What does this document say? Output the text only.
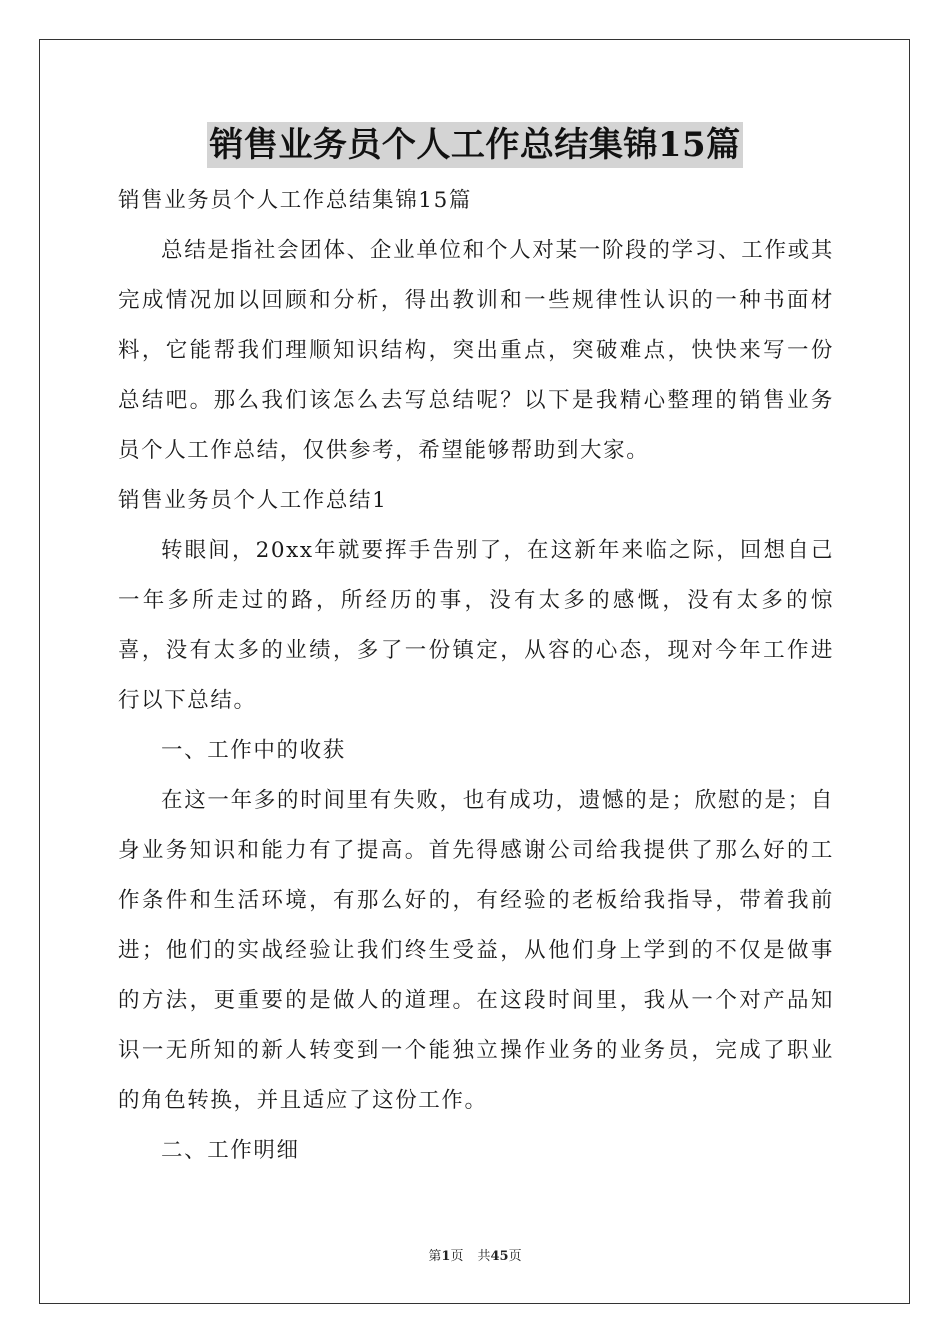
销售业务员个人工作总结集锦15篇

销售业务员个人工作总结集锦15篇

总结是指社会团体、企业单位和个人对某一阶段的学习、工作或其完成情况加以回顾和分析，得出教训和一些规律性认识的一种书面材料，它能帮我们理顺知识结构，突出重点，突破难点，快快来写一份总结吧。那么我们该怎么去写总结呢？以下是我精心整理的销售业务员个人工作总结，仅供参考，希望能够帮助到大家。

销售业务员个人工作总结1

转眼间，20xx年就要挥手告别了，在这新年来临之际，回想自己一年多所走过的路，所经历的事，没有太多的感慨，没有太多的惊喜，没有太多的业绩，多了一份镇定，从容的心态，现对今年工作进行以下总结。

一、工作中的收获

在这一年多的时间里有失败，也有成功，遗憾的是；欣慰的是；自身业务知识和能力有了提高。首先得感谢公司给我提供了那么好的工作条件和生活环境，有那么好的，有经验的老板给我指导，带着我前进；他们的实战经验让我们终生受益，从他们身上学到的不仅是做事的方法，更重要的是做人的道理。在这段时间里，我从一个对产品知识一无所知的新人转变到一个能独立操作业务的业务员，完成了职业的角色转换，并且适应了这份工作。

二、工作明细

第1页 共45页
